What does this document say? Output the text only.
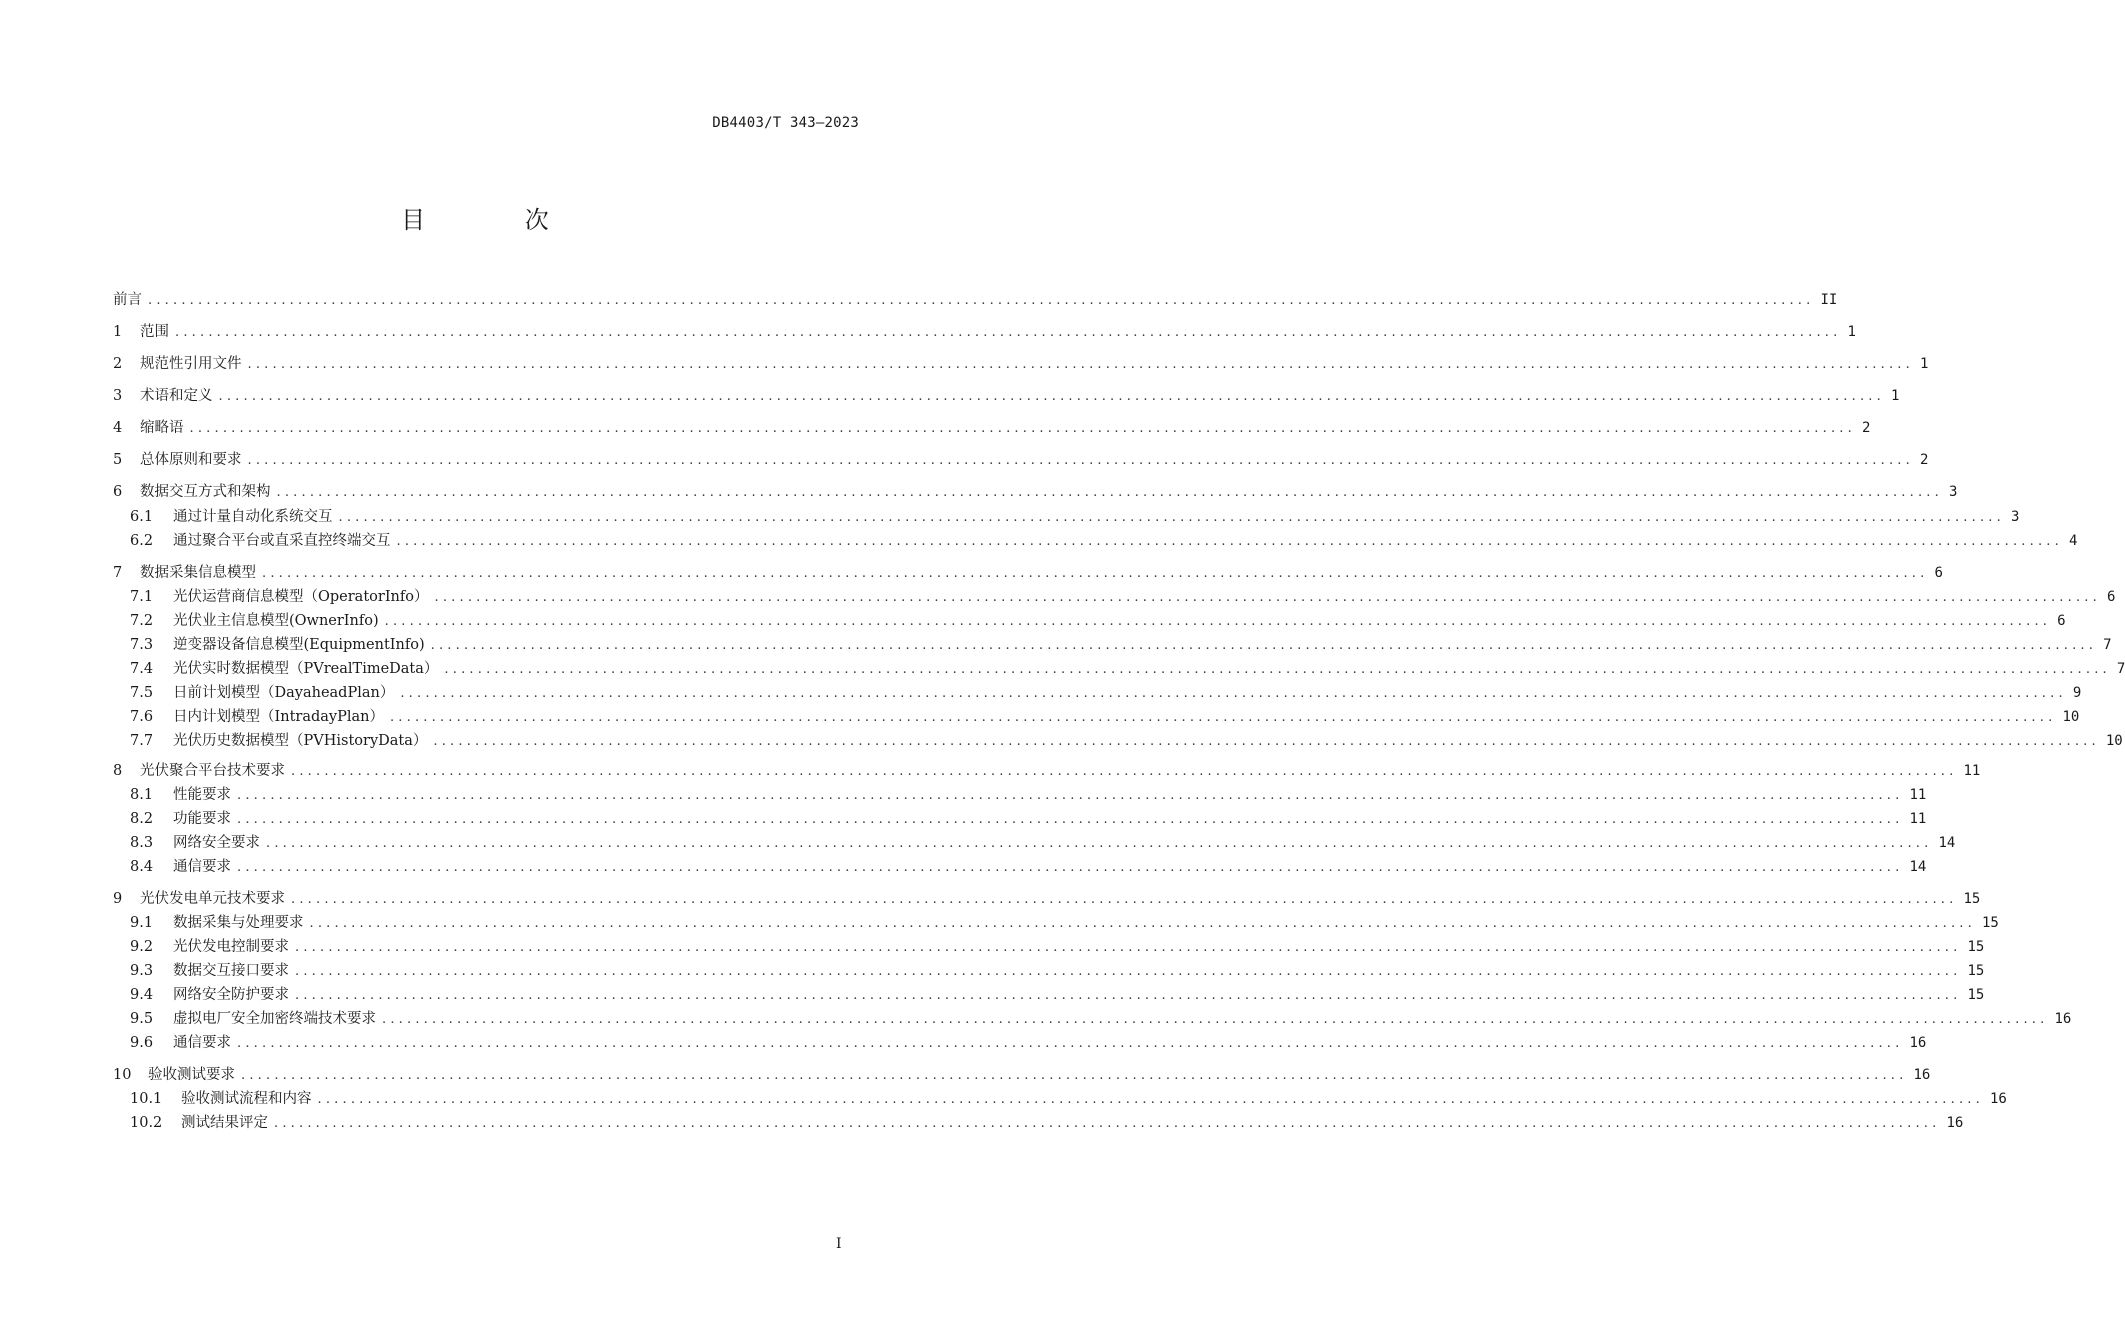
DB4403/T 343—2023
目 次
前言 ........................................................................................................................................................................................................ II
1	范围 ........................................................................................................................................................................................................ 1
2	规范性引用文件 ........................................................................................................................................................................................................ 1
3	术语和定义 ........................................................................................................................................................................................................ 1
4	缩略语 ........................................................................................................................................................................................................ 2
5	总体原则和要求 ........................................................................................................................................................................................................ 2
6	数据交互方式和架构 ........................................................................................................................................................................................................ 3
6.1	通过计量自动化系统交互 ........................................................................................................................................................................................................ 3
6.2	通过聚合平台或直采直控终端交互 ........................................................................................................................................................................................................ 4
7	数据采集信息模型 ........................................................................................................................................................................................................ 6
7.1	光伏运营商信息模型（OperatorInfo） ........................................................................................................................................................................................................ 6
7.2	光伏业主信息模型(OwnerInfo) ........................................................................................................................................................................................................ 6
7.3	逆变器设备信息模型(EquipmentInfo) ........................................................................................................................................................................................................ 7
7.4	光伏实时数据模型（PVrealTimeData） ........................................................................................................................................................................................................ 7
7.5	日前计划模型（DayaheadPlan） ........................................................................................................................................................................................................ 9
7.6	日内计划模型（IntradayPlan） ........................................................................................................................................................................................................ 10
7.7	光伏历史数据模型（PVHistoryData） ........................................................................................................................................................................................................ 10
8	光伏聚合平台技术要求 ........................................................................................................................................................................................................ 11
8.1	性能要求 ........................................................................................................................................................................................................ 11
8.2	功能要求 ........................................................................................................................................................................................................ 11
8.3	网络安全要求 ........................................................................................................................................................................................................ 14
8.4	通信要求 ........................................................................................................................................................................................................ 14
9	光伏发电单元技术要求 ........................................................................................................................................................................................................ 15
9.1	数据采集与处理要求 ........................................................................................................................................................................................................ 15
9.2	光伏发电控制要求 ........................................................................................................................................................................................................ 15
9.3	数据交互接口要求 ........................................................................................................................................................................................................ 15
9.4	网络安全防护要求 ........................................................................................................................................................................................................ 15
9.5	虚拟电厂安全加密终端技术要求 ........................................................................................................................................................................................................ 16
9.6	通信要求 ........................................................................................................................................................................................................ 16
10	验收测试要求 ........................................................................................................................................................................................................ 16
10.1	验收测试流程和内容 ........................................................................................................................................................................................................ 16
10.2	测试结果评定 ........................................................................................................................................................................................................ 16
I
